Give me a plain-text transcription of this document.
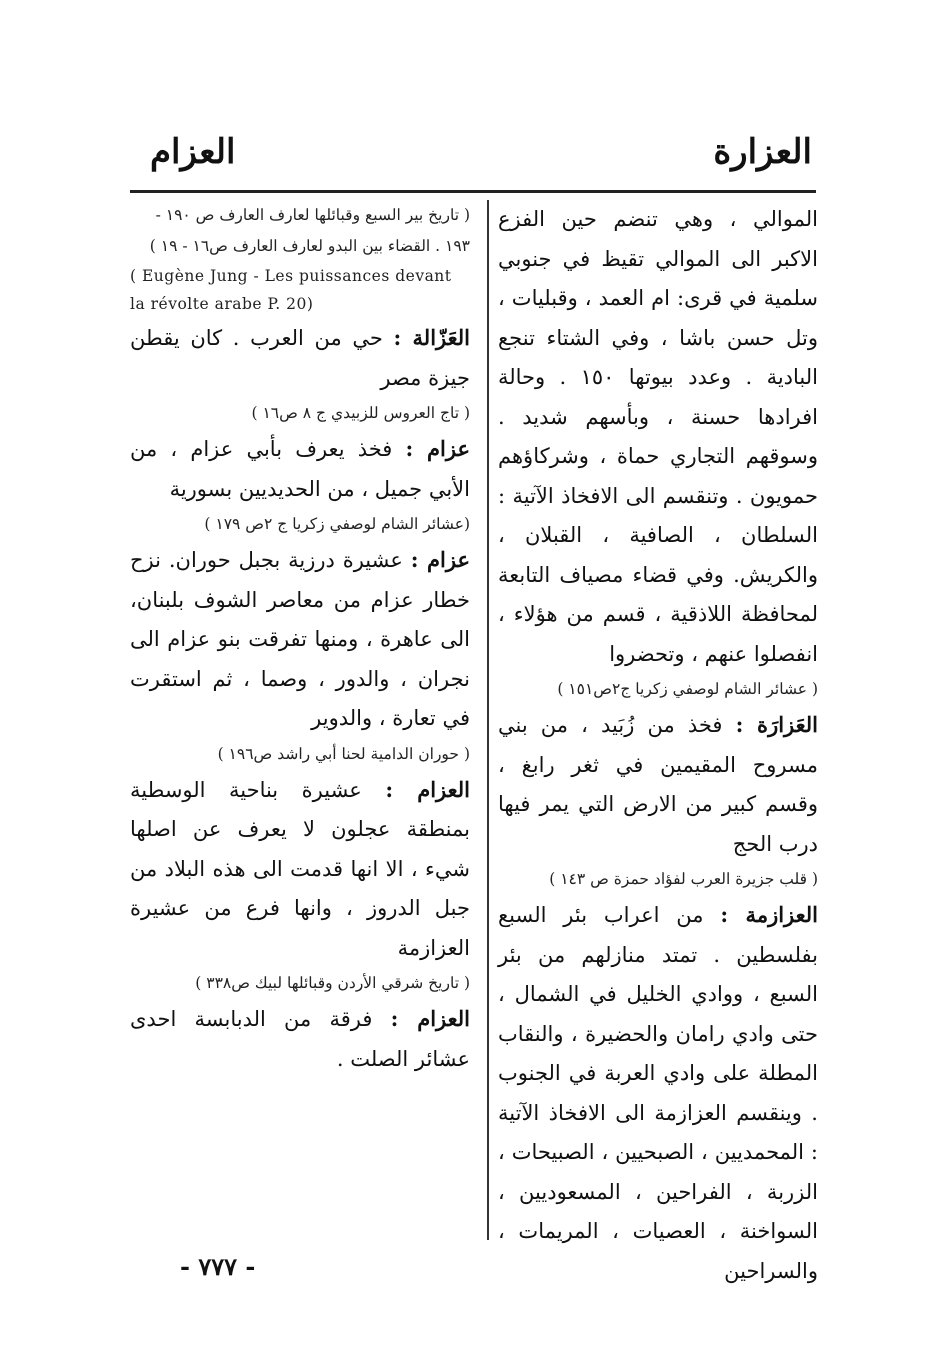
العزارة
العزام

الموالي ، وهي تنضم حين الفزع الاكبر الى الموالي تقيظ في جنوبي سلمية في قرى: ام العمد ، وقبليات ، وتل حسن باشا ، وفي الشتاء تنجع البادية . وعدد بيوتها ١٥٠ . وحالة افرادها حسنة ، وبأسهم شديد . وسوقهم التجاري حماة ، وشركاؤهم حمويون . وتنقسم الى الافخاذ الآتية : السلطان ، الصافية ، القبلان ، والكريش. وفي قضاء مصياف التابعة لمحافظة اللاذقية ، قسم من هؤلاء ، انفصلوا عنهم ، وتحضروا

( عشائر الشام لوصفي زكريا ج٢ص١٥١ )

العَزارَة : فخذ من زُبَيد ، من بني مسروح المقيمين في ثغر رابغ ، وقسم كبير من الارض التي يمر فيها درب الحج

( قلب جزيرة العرب لفؤاد حمزة ص ١٤٣ )

العزازمة : من اعراب بئر السبع بفلسطين . تمتد منازلهم من بئر السبع ، ووادي الخليل في الشمال ، حتى وادي رامان والحضيرة ، والنقاب المطلة على وادي العربة في الجنوب . وينقسم العزازمة الى الافخاذ الآتية : المحمديين ، الصبحيين ، الصبيحات ، الزربة ، الفراحين ، المسعوديين ، السواخنة ، العصيات ، المريمات ، والسراحين

( تاريخ بير السبع وقبائلها لعارف العارف ص ١٩٠ - ١٩٣ . القضاء بين البدو لعارف العارف ص١٦ - ١٩ )

( Eugène Jung - Les puissances devant la révolte arabe P. 20)

العَزّالة : حي من العرب . كان يقطن جيزة مصر

( تاج العروس للزبيدي ج ٨ ص١٦ )

عزام : فخذ يعرف بأبي عزام ، من الأبي جميل ، من الحديديين بسورية

(عشائر الشام لوصفي زكريا ج ٢ص ١٧٩ )

عزام : عشيرة درزية بجبل حوران. نزح خطار عزام من معاصر الشوف بلبنان، الى عاهرة ، ومنها تفرقت بنو عزام الى نجران ، والدور ، وصما ، ثم استقرت في تعارة ، والدوير

( حوران الدامية لحنا أبي راشد ص١٩٦ )

العزام : عشيرة بناحية الوسطية بمنطقة عجلون لا يعرف عن اصلها شيء ، الا انها قدمت الى هذه البلاد من جبل الدروز ، وانها فرع من عشيرة العزازمة

( تاريخ شرقي الأردن وقبائلها لبيك ص٣٣٨ )

العزام : فرقة من الدبابسة احدى عشائر الصلت .

- ٧٧٧ -
